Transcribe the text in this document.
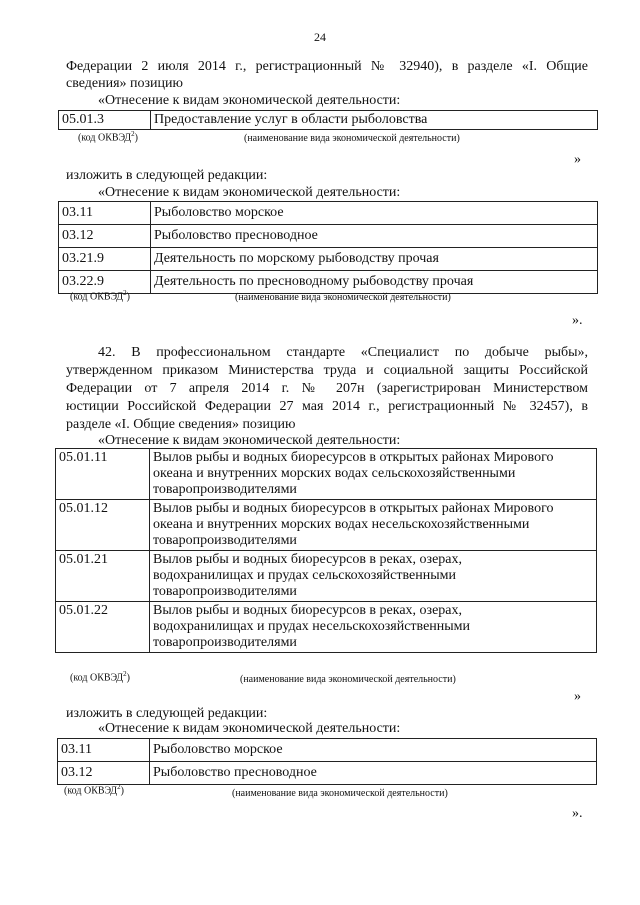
24
Федерации 2 июля 2014 г., регистрационный № 32940), в разделе «I. Общие
сведения» позицию
«Отнесение к видам экономической деятельности:
05.01.3	Предоставление услуг в области рыболовства
(код ОКВЭД$^2$)	(наименование вида экономической деятельности)
»
изложить в следующей редакции:
«Отнесение к видам экономической деятельности:
03.11	Рыболовство морское
03.12	Рыболовство пресноводное
03.21.9	Деятельность по морскому рыбоводству прочая
03.22.9	Деятельность по пресноводному рыбоводству прочая
(код ОКВЭД$^2$)	(наименование вида экономической деятельности)
».
42. В профессиональном стандарте «Специалист по добыче рыбы»,
утвержденном приказом Министерства труда и социальной защиты Российской
Федерации от 7 апреля 2014 г. № 207н (зарегистрирован Министерством
юстиции Российской Федерации 27 мая 2014 г., регистрационный № 32457), в
разделе «I. Общие сведения» позицию
«Отнесение к видам экономической деятельности:
05.01.11	Вылов рыбы и водных биоресурсов в открытых районах Мирового
океана и внутренних морских водах сельскохозяйственными
товаропроизводителями

05.01.12	Вылов рыбы и водных биоресурсов в открытых районах Мирового
океана и внутренних морских водах несельскохозяйственными
товаропроизводителями

05.01.21	Вылов рыбы и водных биоресурсов в реках, озерах,
водохранилищах и прудах сельскохозяйственными
товаропроизводителями

05.01.22	Вылов рыбы и водных биоресурсов в реках, озерах,
водохранилищах и прудах несельскохозяйственными
товаропроизводителями
(код ОКВЭД$^2$)	(наименование вида экономической деятельности)
»
изложить в следующей редакции:
«Отнесение к видам экономической деятельности:
03.11	Рыболовство морское
03.12	Рыболовство пресноводное
(код ОКВЭД$^2$)	(наименование вида экономической деятельности)
».
